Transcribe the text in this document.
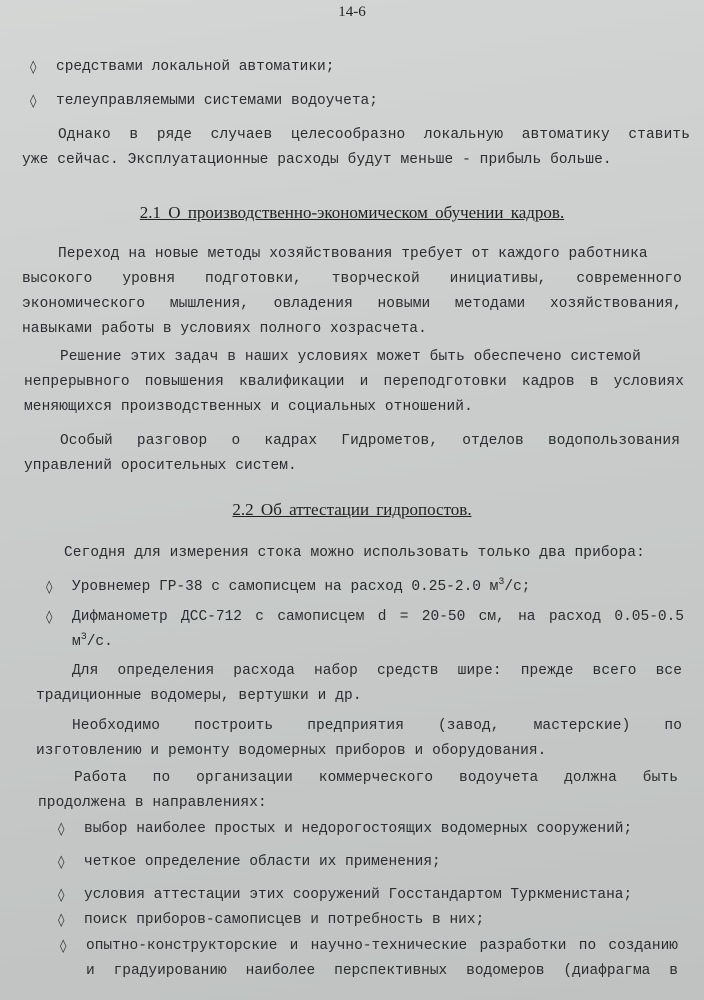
14-6
◊ средствами локальной автоматики;
◊ телеуправляемыми системами водоучета;
Однако в ряде случаев целесообразно локальную автоматику ставить
уже сейчас. Эксплуатационные расходы будут меньше - прибыль больше.
2.1 О производственно-экономическом обучении кадров.
Переход на новые методы хозяйствования требует от каждого работника
высокого уровня подготовки, творческой инициативы, современного
экономического мышления, овладения новыми методами хозяйствования,
навыками работы в условиях полного хозрасчета.
Решение этих задач в наших условиях может быть обеспечено системой
непрерывного повышения квалификации и переподготовки кадров в условиях
меняющихся производственных и социальных отношений.
Особый разговор о кадрах Гидрометов, отделов водопользования
управлений оросительных систем.
2.2 Об аттестации гидропостов.
Сегодня для измерения стока можно использовать только два прибора:
◊ Уровнемер ГР-38 с самописцем на расход 0.25-2.0 $м^3/с$;
◊ Дифманометр ДСС-712 с самописцем d = 20-50 см, на расход 0.05-0.5
$м^3/с$.
Для определения расхода набор средств шире: прежде всего все
традиционные водомеры, вертушки и др.
Необходимо построить предприятия (завод, мастерские) по
изготовлению и ремонту водомерных приборов и оборудования.
Работа по организации коммерческого водоучета должна быть
продолжена в направлениях:
◊ выбор наиболее простых и недорогостоящих водомерных сооружений;
◊ четкое определение области их применения;
◊ условия аттестации этих сооружений Госстандартом Туркменистана;
◊ поиск приборов-самописцев и потребность в них;
◊ опытно-конструкторские и научно-технические разработки по созданию
и градуированию наиболее перспективных водомеров (диафрагма в
